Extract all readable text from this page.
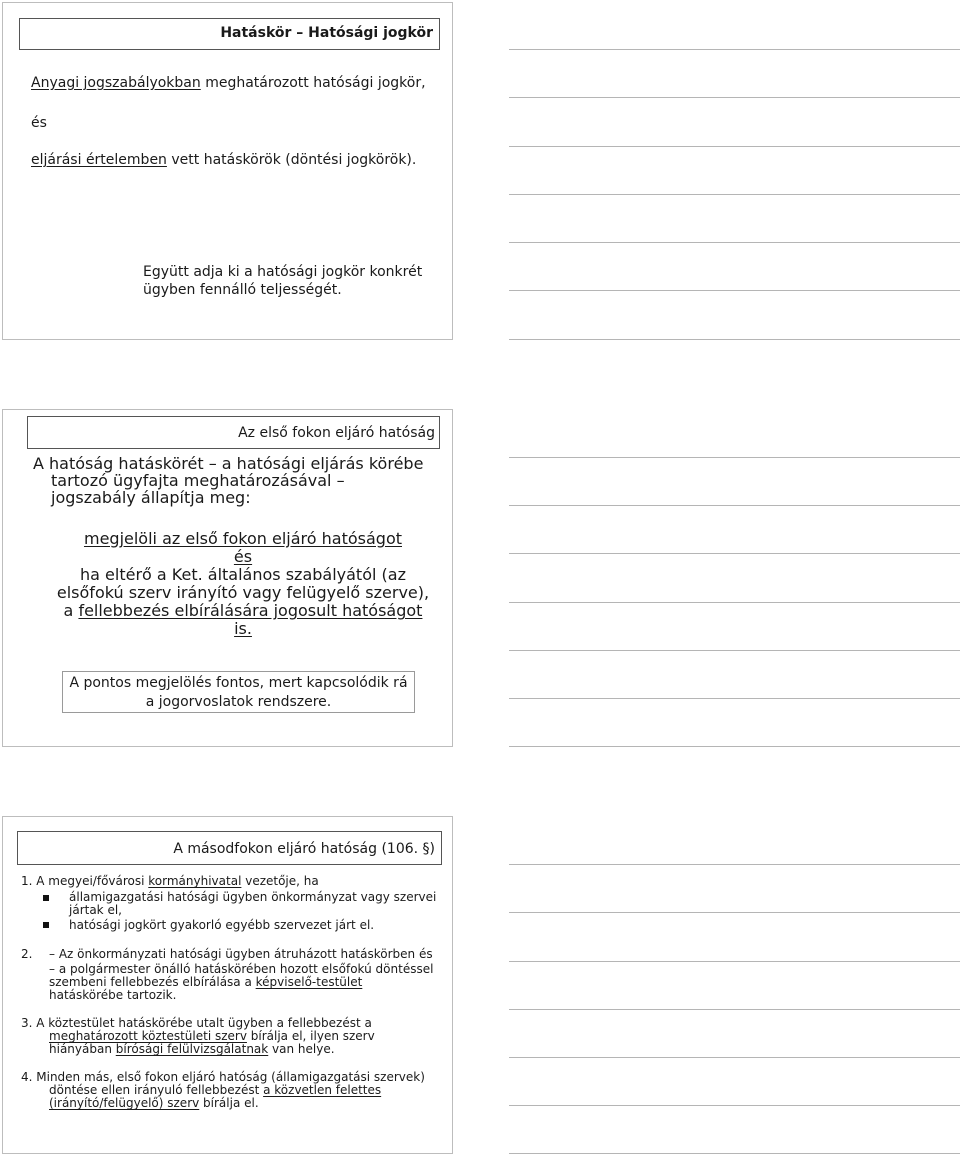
Hatáskör – Hatósági jogkör

Anyagi jogszabályokban meghatározott hatósági jogkör,

és

eljárási értelemben vett hatáskörök (döntési jogkörök).

Együtt adja ki a hatósági jogkör konkrét

ügyben fennálló teljességét.

Az első fokon eljáró hatóság
A hatóság hatáskörét – a hatósági eljárás körébe
tartozó ügyfajta meghatározásával –
jogszabály állapítja meg:
megjelöli az első fokon eljáró hatóságot
és
ha eltérő a Ket. általános szabályától (az
elsőfokú szerv irányító vagy felügyelő szerve),
a fellebbezés elbírálására jogosult hatóságot
is.
A pontos megjelölés fontos, mert kapcsolódik rá
a jogorvoslatok rendszere.
A másodfokon eljáró hatóság (106. §)

1. A megyei/fővárosi kormányhivatal vezetője, ha

államigazgatási hatósági ügyben önkormányzat vagy szervei
jártak el,

hatósági jogkört gyakorló egyébb szervezet járt el.

2. – Az önkormányzati hatósági ügyben átruházott hatáskörben és

– a polgármester önálló hatáskörében hozott elsőfokú döntéssel
szembeni fellebbezés elbírálása a képviselő-testület
hatáskörébe tartozik.

3. A köztestület hatáskörébe utalt ügyben a fellebbezést a
meghatározott köztestületi szerv bírálja el, ilyen szerv
hiányában bírósági felülvizsgálatnak van helye.

4. Minden más, első fokon eljáró hatóság (államigazgatási szervek)
döntése ellen irányuló fellebbezést a közvetlen felettes
(irányító/felügyelő) szerv bírálja el.
